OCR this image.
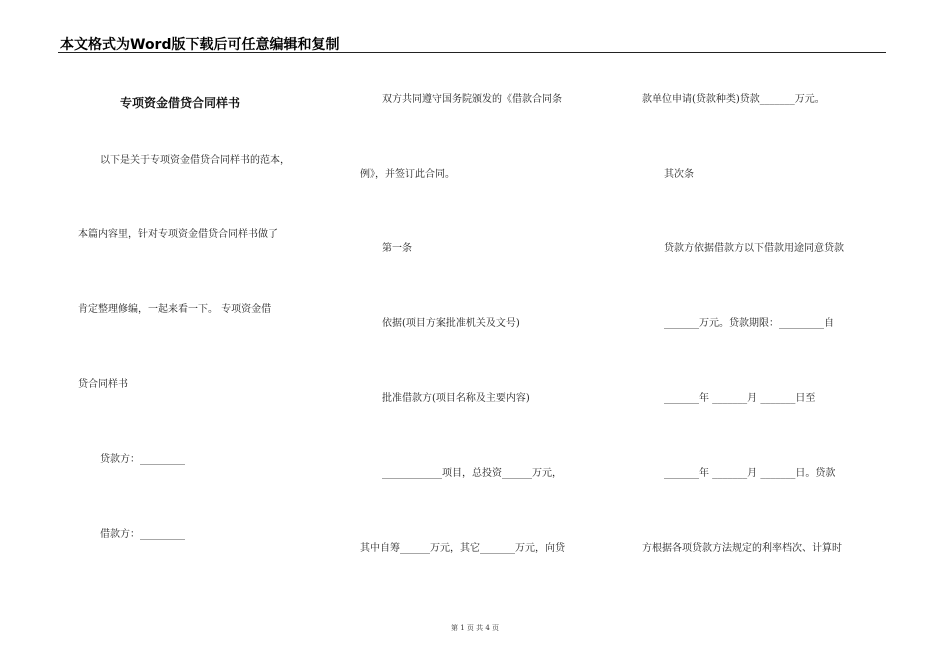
本文格式为Word版下载后可任意编辑和复制
专项资金借贷合同样书
以下是关于专项资金借贷合同样书的范本，
本篇内容里，针对专项资金借贷合同样书做了
肯定整理修编，一起来看一下。 专项资金借
贷合同样书
贷款方：_________
借款方：_________
双方共同遵守国务院颁发的《借款合同条
例》，并签订此合同。
第一条
依据(项目方案批准机关及文号)
批准借款方(项目名称及主要内容)
____________项目，总投资______万元，
其中自筹______万元，其它_______万元，向贷
款单位申请(贷款种类)贷款_______万元。
其次条
贷款方依据借款方以下借款用途同意贷款
_______万元。贷款期限：_________自
_______年 _______月 _______日至
_______年 _______月 _______日。贷款
方根据各项贷款方法规定的利率档次、计算时
第 1 页 共 4 页
